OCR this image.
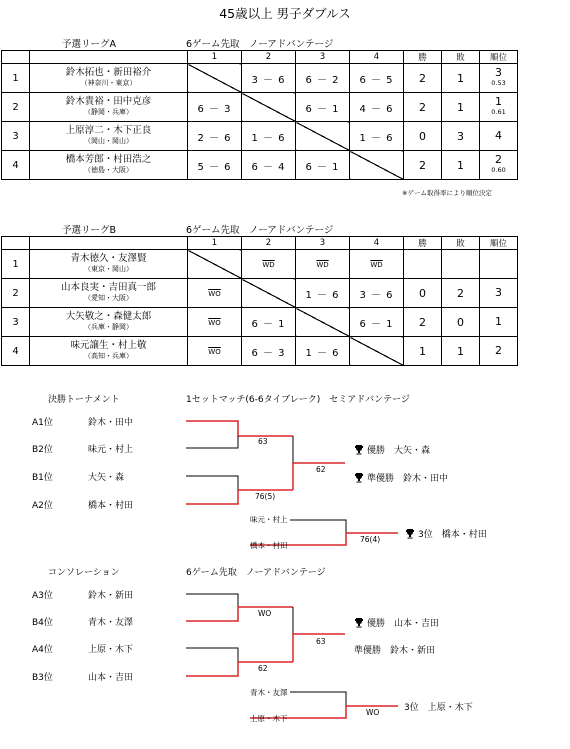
45歳以上 男子ダブルス
予選リーグA	6ゲーム先取　ノーアドバンテージ
		1	2	3	4	勝	敗	順位
1	鈴木拓也・新田裕介
（神奈川・東京）		3 － 6	6 － 2	6 － 5	2	1	3
0.53

2	鈴木貴裕・田中克彦
（静岡・兵庫）	6 － 3		6 － 1	4 － 6	2	1	1
0.61

3	上原淳二・木下正良
（岡山・岡山）	2 － 6	1 － 6		1 － 6	0	3	4

4	橋本芳郎・村田浩之
（徳島・大阪）	5 － 6	6 － 4	6 － 1		2	1	2
0.60
※ゲーム取得率により順位決定
予選リーグB	6ゲーム先取　ノーアドバンテージ
		1	2	3	4	勝	敗	順位
1	青木徳久・友澤賢
（東京・岡山）		$\overline{WD}$	$\overline{WD}$	$\overline{WD}$			

2	山本良実・吉田真一郎
（愛知・大阪）	$\overline{WO}$		1 － 6	3 － 6	0	2	3

3	大矢敬之・森健太郎
（兵庫・静岡）	$\overline{WO}$	6 － 1		6 － 1	2	0	1

4	味元譲生・村上敬
（高知・兵庫）	$\overline{WO}$	6 － 3	1 － 6		1	1	2
決勝トーナメント	1セットマッチ(6-6タイブレーク)　セミアドバンテージ
A1位	鈴木・田中
B2位	味元・村上
B1位	大矢・森
A2位	橋本・村田
63
76(5)
62
優勝　大矢・森
準優勝　鈴木・田中
味元・村上
橋本・村田
76(4)	3位　橋本・村田
コンソレーション	6ゲーム先取　ノーアドバンテージ
A3位	鈴木・新田
B4位	青木・友澤
A4位	上原・木下
B3位	山本・吉田
WO
62
63
優勝　山本・吉田
準優勝　鈴木・新田
青木・友澤
上原・木下
WO	3位　上原・木下
